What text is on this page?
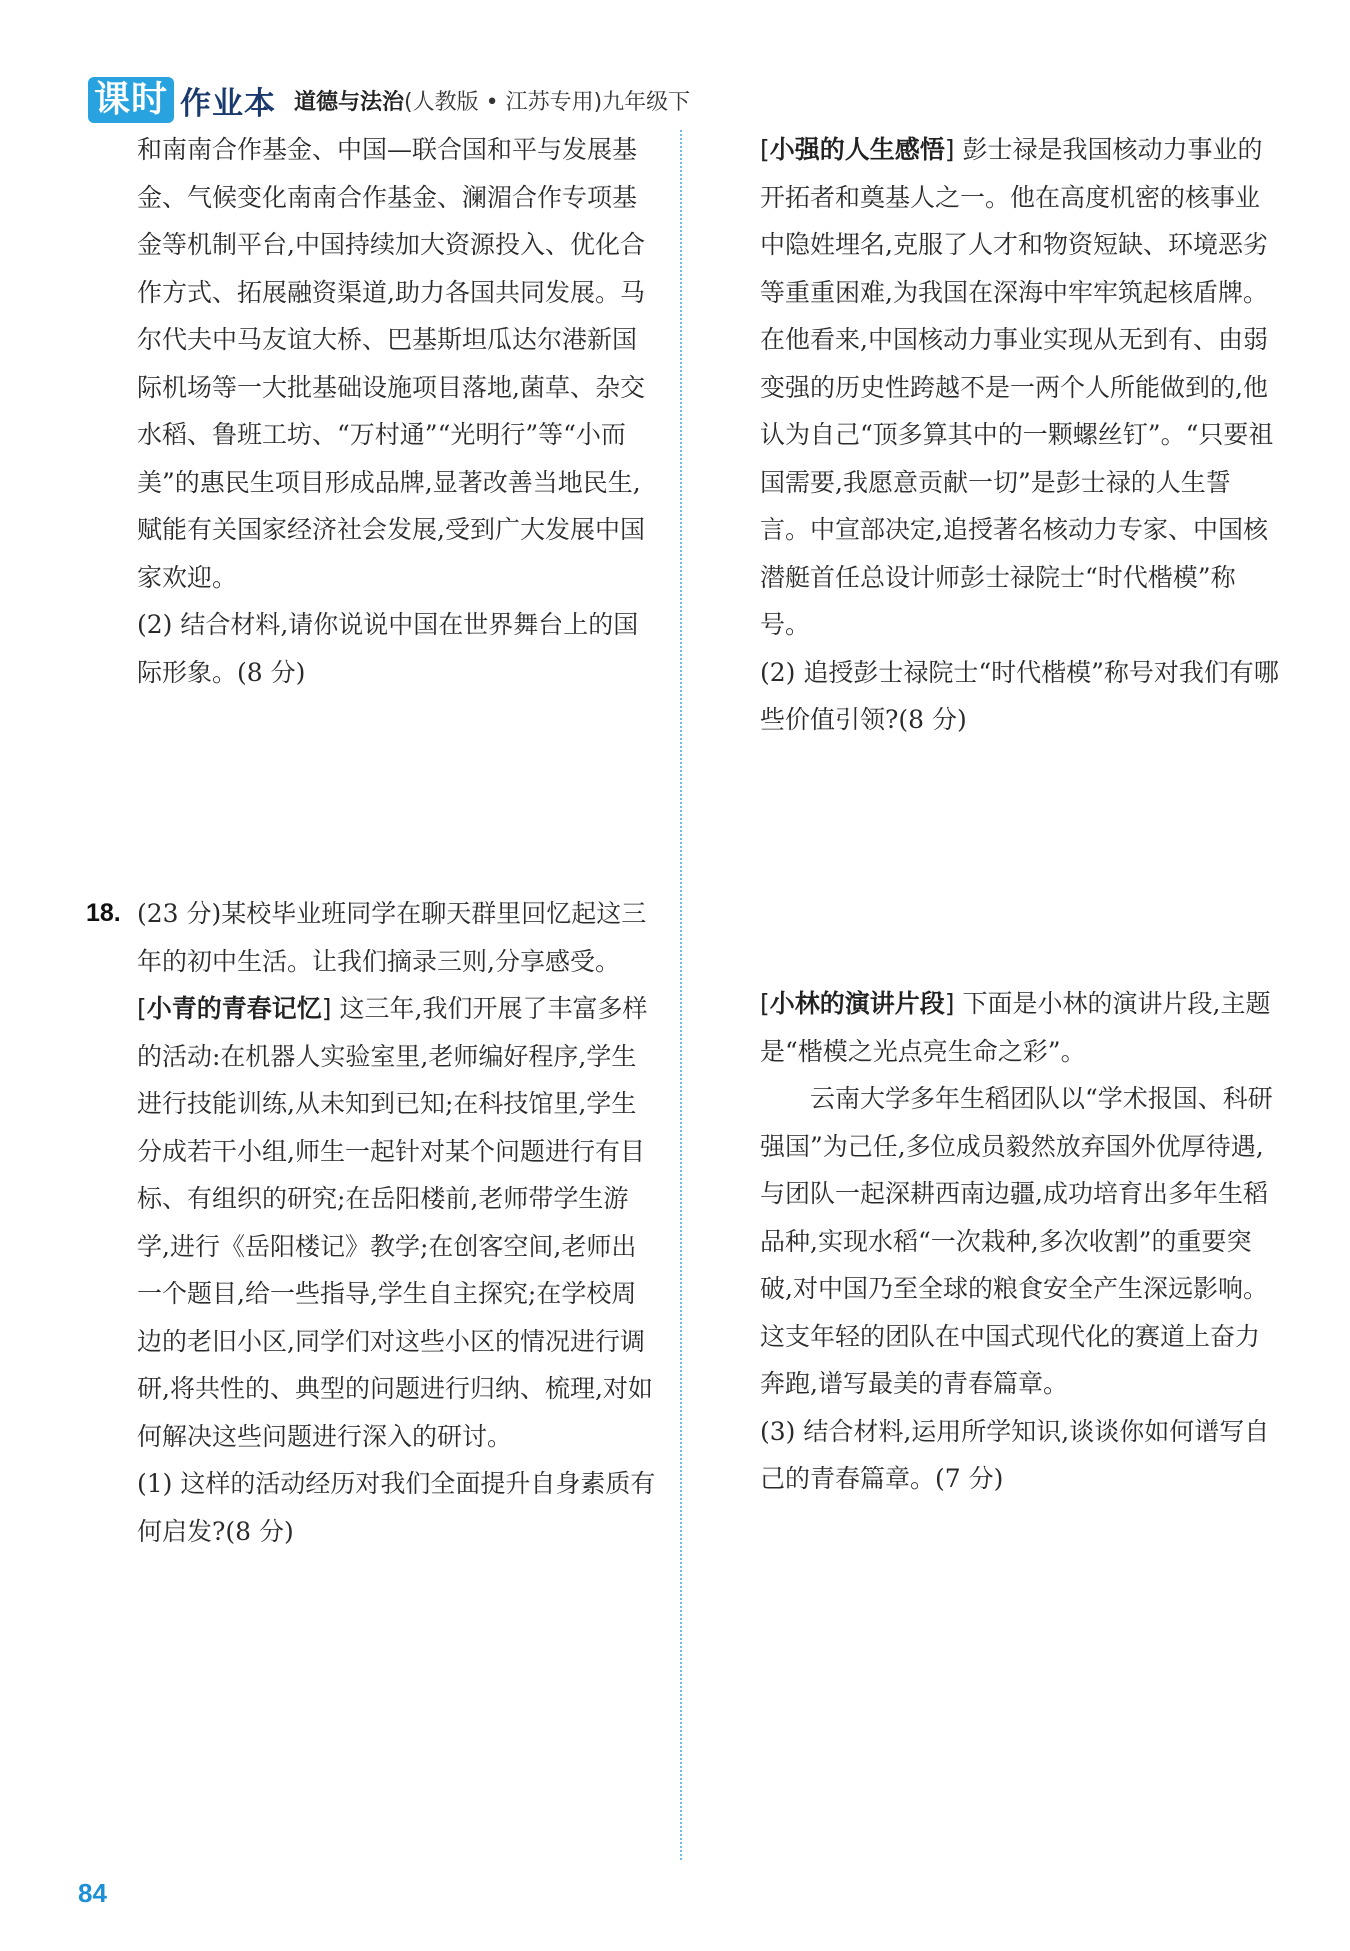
课时 作业本 道德与法治 (人教版 • 江苏专用)九年级下

和南南合作基金、中国—联合国和平与发展基金、气候变化南南合作基金、澜湄合作专项基金等机制平台,中国持续加大资源投入、优化合作方式、拓展融资渠道,助力各国共同发展。马尔代夫中马友谊大桥、巴基斯坦瓜达尔港新国际机场等一大批基础设施项目落地,菌草、杂交水稻、鲁班工坊、“万村通”“光明行”等“小而美”的惠民生项目形成品牌,显著改善当地民生,赋能有关国家经济社会发展,受到广大发展中国家欢迎。

(2) 结合材料,请你说说中国在世界舞台上的国际形象。(8 分)

18. (23 分)某校毕业班同学在聊天群里回忆起这三年的初中生活。让我们摘录三则,分享感受。

[小青的青春记忆] 这三年,我们开展了丰富多样的活动:在机器人实验室里,老师编好程序,学生进行技能训练,从未知到已知;在科技馆里,学生分成若干小组,师生一起针对某个问题进行有目标、有组织的研究;在岳阳楼前,老师带学生游学,进行《岳阳楼记》教学;在创客空间,老师出一个题目,给一些指导,学生自主探究;在学校周边的老旧小区,同学们对这些小区的情况进行调研,将共性的、典型的问题进行归纳、梳理,对如何解决这些问题进行深入的研讨。

(1) 这样的活动经历对我们全面提升自身素质有何启发?(8 分)

[小强的人生感悟] 彭士禄是我国核动力事业的开拓者和奠基人之一。他在高度机密的核事业中隐姓埋名,克服了人才和物资短缺、环境恶劣等重重困难,为我国在深海中牢牢筑起核盾牌。在他看来,中国核动力事业实现从无到有、由弱变强的历史性跨越不是一两个人所能做到的,他认为自己“顶多算其中的一颗螺丝钉”。“只要祖国需要,我愿意贡献一切”是彭士禄的人生誓言。中宣部决定,追授著名核动力专家、中国核潜艇首任总设计师彭士禄院士“时代楷模”称号。

(2) 追授彭士禄院士“时代楷模”称号对我们有哪些价值引领?(8 分)

[小林的演讲片段] 下面是小林的演讲片段,主题是“楷模之光点亮生命之彩”。

云南大学多年生稻团队以“学术报国、科研强国”为己任,多位成员毅然放弃国外优厚待遇,与团队一起深耕西南边疆,成功培育出多年生稻品种,实现水稻“一次栽种,多次收割”的重要突破,对中国乃至全球的粮食安全产生深远影响。这支年轻的团队在中国式现代化的赛道上奋力奔跑,谱写最美的青春篇章。

(3) 结合材料,运用所学知识,谈谈你如何谱写自己的青春篇章。(7 分)

84
